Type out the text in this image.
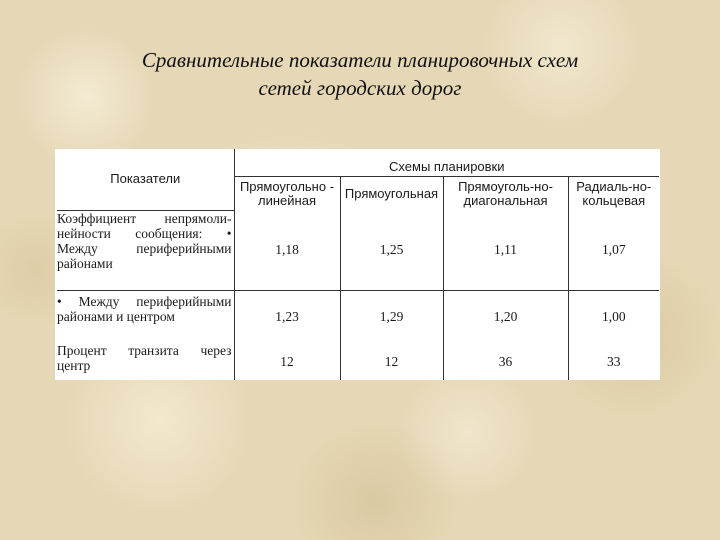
Сравнительные показатели планировочных схем
сетей городских дорог
Показатели	Схемы планировки			
	Прямоугольно - линейная	Прямоугольная	Прямоуголь-но-диагональная	Радиаль-но-кольцевая
Коэффициент непрямоли-нейности сообщения: • Между периферийными районами	1,18	1,25	1,11	1,07
• Между периферийными районами и центром	1,23	1,29	1,20	1,00
Процент транзита через центр	12	12	36	33
